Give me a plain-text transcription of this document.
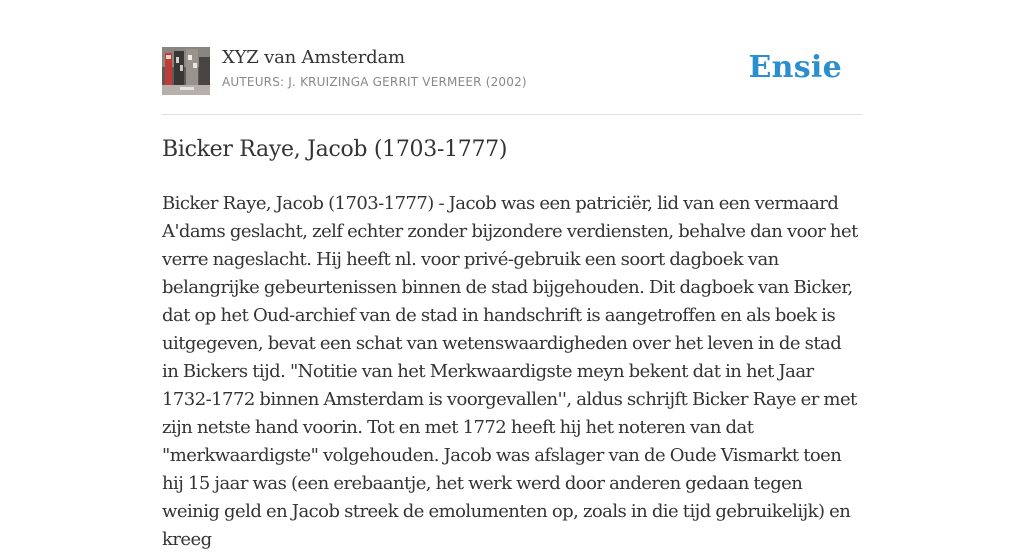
XYZ van Amsterdam
AUTEURS: J. KRUIZINGA GERRIT VERMEER (2002)	Ensie
Bicker Raye, Jacob (1703-1777)

Bicker Raye, Jacob (1703-1777) - Jacob was een patriciër, lid van een vermaard A'dams geslacht, zelf echter zonder bijzondere verdiensten, behalve dan voor het verre nageslacht. Hij heeft nl. voor privé-gebruik een soort dagboek van belangrijke gebeurtenissen binnen de stad bijgehouden. Dit dagboek van Bicker, dat op het Oud-archief van de stad in handschrift is aangetroffen en als boek is uitgegeven, bevat een schat van wetenswaardigheden over het leven in de stad in Bickers tijd. "Notitie van het Merkwaardigste meyn bekent dat in het Jaar 1732-1772 binnen Amsterdam is voorgevallen'', aldus schrijft Bicker Raye er met zijn netste hand voorin. Tot en met 1772 heeft hij het noteren van dat "merkwaardigste" volgehouden. Jacob was afslager van de Oude Vismarkt toen hij 15 jaar was (een erebaantje, het werk werd door anderen gedaan tegen weinig geld en Jacob streek de emolumenten op, zoals in die tijd gebruikelijk) en kreeg
